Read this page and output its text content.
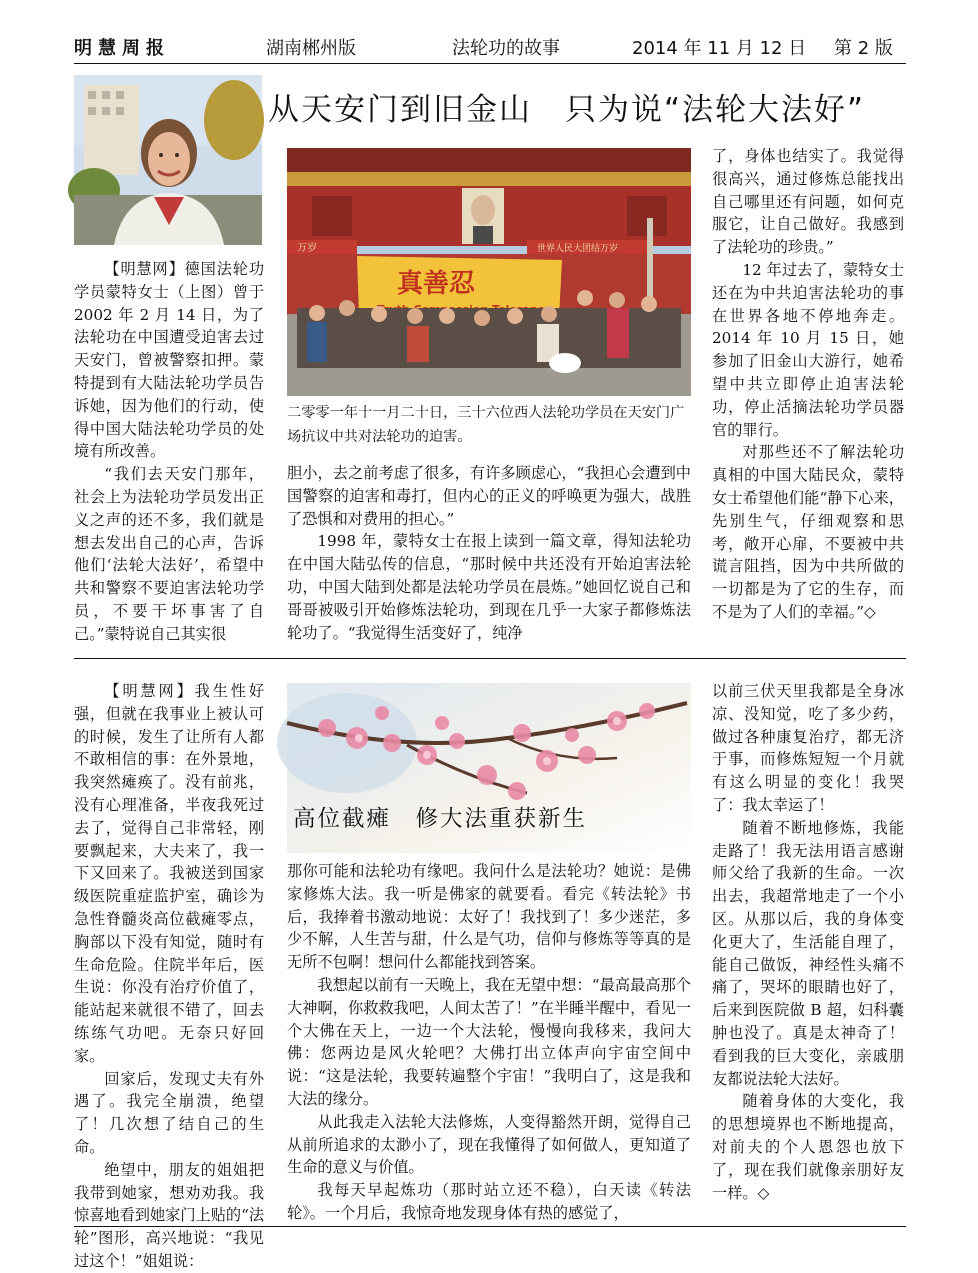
明慧周报	湖南郴州版	法轮功的故事	2014 年 11 月 12 日 第 2 版
从天安门到旧金山　只为说“法轮大法好”
万岁	世界人民大团结万岁
真善忍
二零零一年十一月二十日，三十六位西人法轮功学员在天安门广场抗议中共对法轮功的迫害。

【明慧网】德国法轮功学员蒙特女士（上图）曾于2002 年 2 月 14 日，为了法轮功在中国遭受迫害去过天安门，曾被警察扣押。蒙特提到有大陆法轮功学员告诉她，因为他们的行动，使得中国大陆法轮功学员的处境有所改善。

“我们去天安门那年，社会上为法轮功学员发出正义之声的还不多，我们就是想去发出自己的心声，告诉他们‘法轮大法好’，希望中共和警察不要迫害法轮功学员，不要干坏事害了自己。”蒙特说自己其实很

胆小，去之前考虑了很多，有许多顾虑心，“我担心会遭到中国警察的迫害和毒打，但内心的正义的呼唤更为强大，战胜了恐惧和对费用的担心。”

1998 年，蒙特女士在报上读到一篇文章，得知法轮功在中国大陆弘传的信息，“那时候中共还没有开始迫害法轮功，中国大陆到处都是法轮功学员在晨炼。”她回忆说自己和哥哥被吸引开始修炼法轮功，到现在几乎一大家子都修炼法轮功了。“我觉得生活变好了，纯净

了，身体也结实了。我觉得很高兴，通过修炼总能找出自己哪里还有问题，如何克服它，让自己做好。我感到了法轮功的珍贵。”

12 年过去了，蒙特女士还在为中共迫害法轮功的事在世界各地不停地奔走。2014 年 10 月 15 日，她参加了旧金山大游行，她希望中共立即停止迫害法轮功，停止活摘法轮功学员器官的罪行。

对那些还不了解法轮功真相的中国大陆民众，蒙特女士希望他们能“静下心来，先别生气，仔细观察和思考，敞开心扉，不要被中共谎言阻挡，因为中共所做的一切都是为了它的生存，而不是为了人们的幸福。”◇

高位截瘫　修大法重获新生

【明慧网】我生性好强，但就在我事业上被认可的时候，发生了让所有人都不敢相信的事：在外景地，我突然瘫痪了。没有前兆，没有心理准备，半夜我死过去了，觉得自己非常轻，刚要飘起来，大夫来了，我一下又回来了。我被送到国家级医院重症监护室，确诊为急性脊髓炎高位截瘫零点，胸部以下没有知觉，随时有生命危险。住院半年后，医生说：你没有治疗价值了，能站起来就很不错了，回去练练气功吧。无奈只好回家。

回家后，发现丈夫有外遇了。我完全崩溃，绝望了！几次想了结自己的生命。

绝望中，朋友的姐姐把我带到她家，想劝劝我。我惊喜地看到她家门上贴的“法轮”图形，高兴地说：“我见过这个！”姐姐说：

那你可能和法轮功有缘吧。我问什么是法轮功？她说：是佛家修炼大法。我一听是佛家的就要看。看完《转法轮》书后，我捧着书激动地说：太好了！我找到了！多少迷茫，多少不解，人生苦与甜，什么是气功，信仰与修炼等等真的是无所不包啊！想问什么都能找到答案。

我想起以前有一天晚上，我在无望中想：“最高最高那个大神啊，你救救我吧，人间太苦了！”在半睡半醒中，看见一个大佛在天上，一边一个大法轮，慢慢向我移来，我问大佛：您两边是风火轮吧？大佛打出立体声向宇宙空间中说：“这是法轮，我要转遍整个宇宙！”我明白了，这是我和大法的缘分。

从此我走入法轮大法修炼，人变得豁然开朗，觉得自己从前所追求的太渺小了，现在我懂得了如何做人，更知道了生命的意义与价值。

我每天早起炼功（那时站立还不稳），白天读《转法轮》。一个月后，我惊奇地发现身体有热的感觉了，

以前三伏天里我都是全身冰凉、没知觉，吃了多少药，做过各种康复治疗，都无济于事，而修炼短短一个月就有这么明显的变化！我哭了：我太幸运了！

随着不断地修炼，我能走路了！我无法用语言感谢师父给了我新的生命。一次出去，我超常地走了一个小区。从那以后，我的身体变化更大了，生活能自理了，能自己做饭，神经性头痛不痛了，哭坏的眼睛也好了，后来到医院做 B 超，妇科囊肿也没了。真是太神奇了！看到我的巨大变化，亲戚朋友都说法轮大法好。

随着身体的大变化，我的思想境界也不断地提高，对前夫的个人恩怨也放下了，现在我们就像亲朋好友一样。◇
